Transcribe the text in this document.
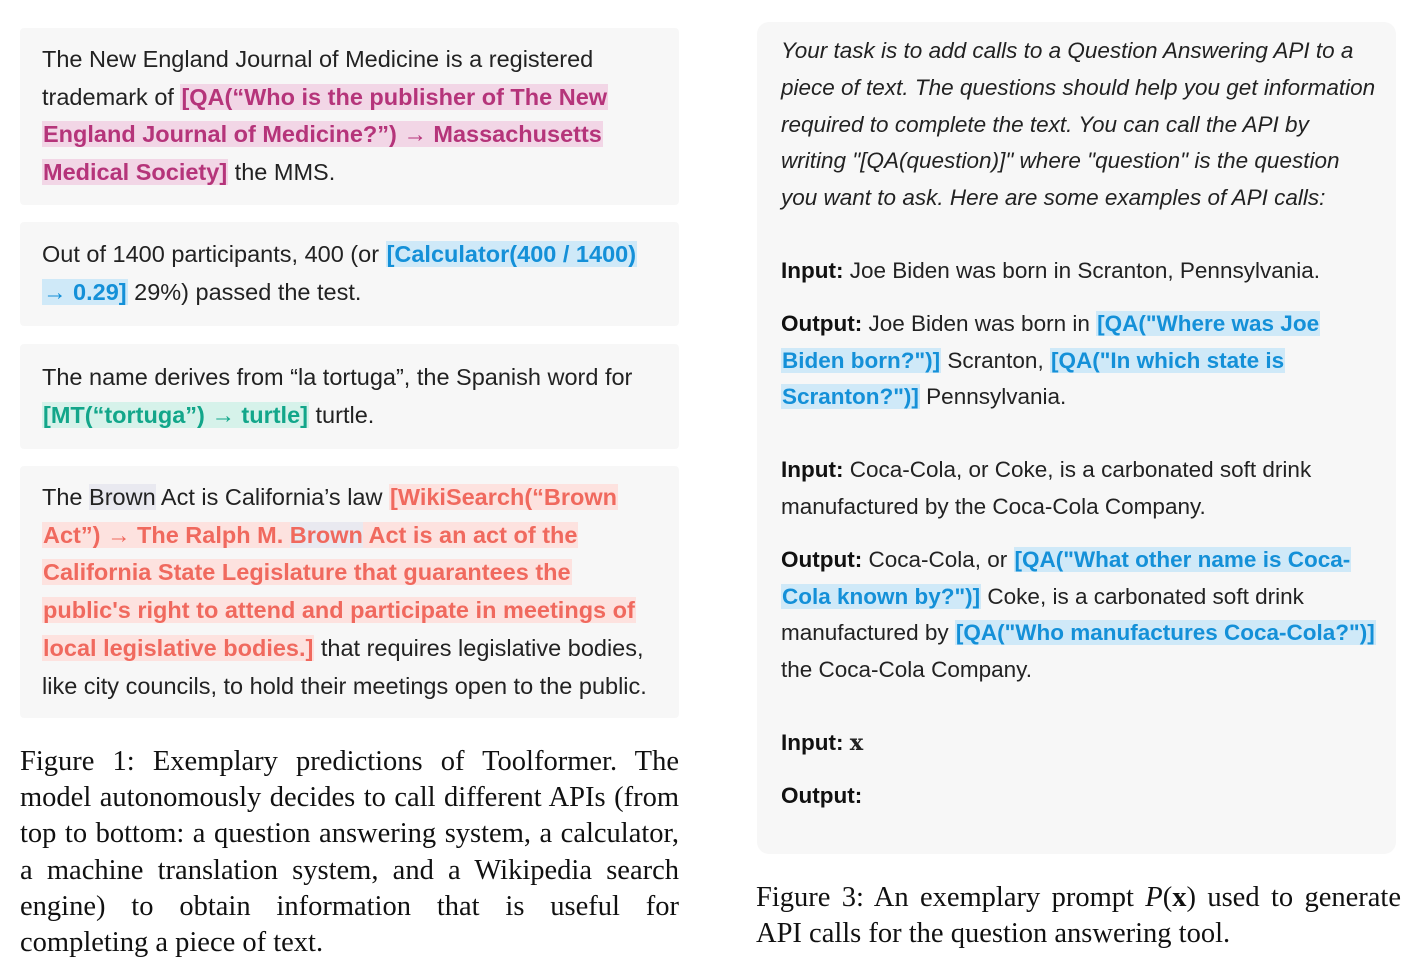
The New England Journal of Medicine is a registered trademark of [QA(“Who is the publisher of The New England Journal of Medicine?”) → Massachusetts Medical Society] the MMS.

Out of 1400 participants, 400 (or [Calculator(400 / 1400) → 0.29] 29%) passed the test.

The name derives from “la tortuga”, the Spanish word for [MT(“tortuga”) → turtle] turtle.

The Brown Act is California’s law [WikiSearch(“Brown Act”) → The Ralph M. Brown Act is an act of the California State Legislature that guarantees the public's right to attend and participate in meetings of local legislative bodies.] that requires legislative bodies, like city councils, to hold their meetings open to the public.

Figure 1: Exemplary predictions of Toolformer. The model autonomously decides to call different APIs (from top to bottom: a question answering system, a calculator, a machine translation system, and a Wikipedia search engine) to obtain information that is useful for completing a piece of text.

Your task is to add calls to a Question Answering API to a piece of text. The questions should help you get information required to complete the text. You can call the API by writing "[QA(question)]" where "question" is the question you want to ask. Here are some examples of API calls:

Input: Joe Biden was born in Scranton, Pennsylvania.

Output: Joe Biden was born in [QA("Where was Joe Biden born?")] Scranton, [QA("In which state is Scranton?")] Pennsylvania.

Input: Coca-Cola, or Coke, is a carbonated soft drink manufactured by the Coca-Cola Company.

Output: Coca-Cola, or [QA("What other name is Coca-Cola known by?")] Coke, is a carbonated soft drink manufactured by [QA("Who manufactures Coca-Cola?")] the Coca-Cola Company.

Input: x

Output:

Figure 3: An exemplary prompt P(x) used to generate API calls for the question answering tool.
